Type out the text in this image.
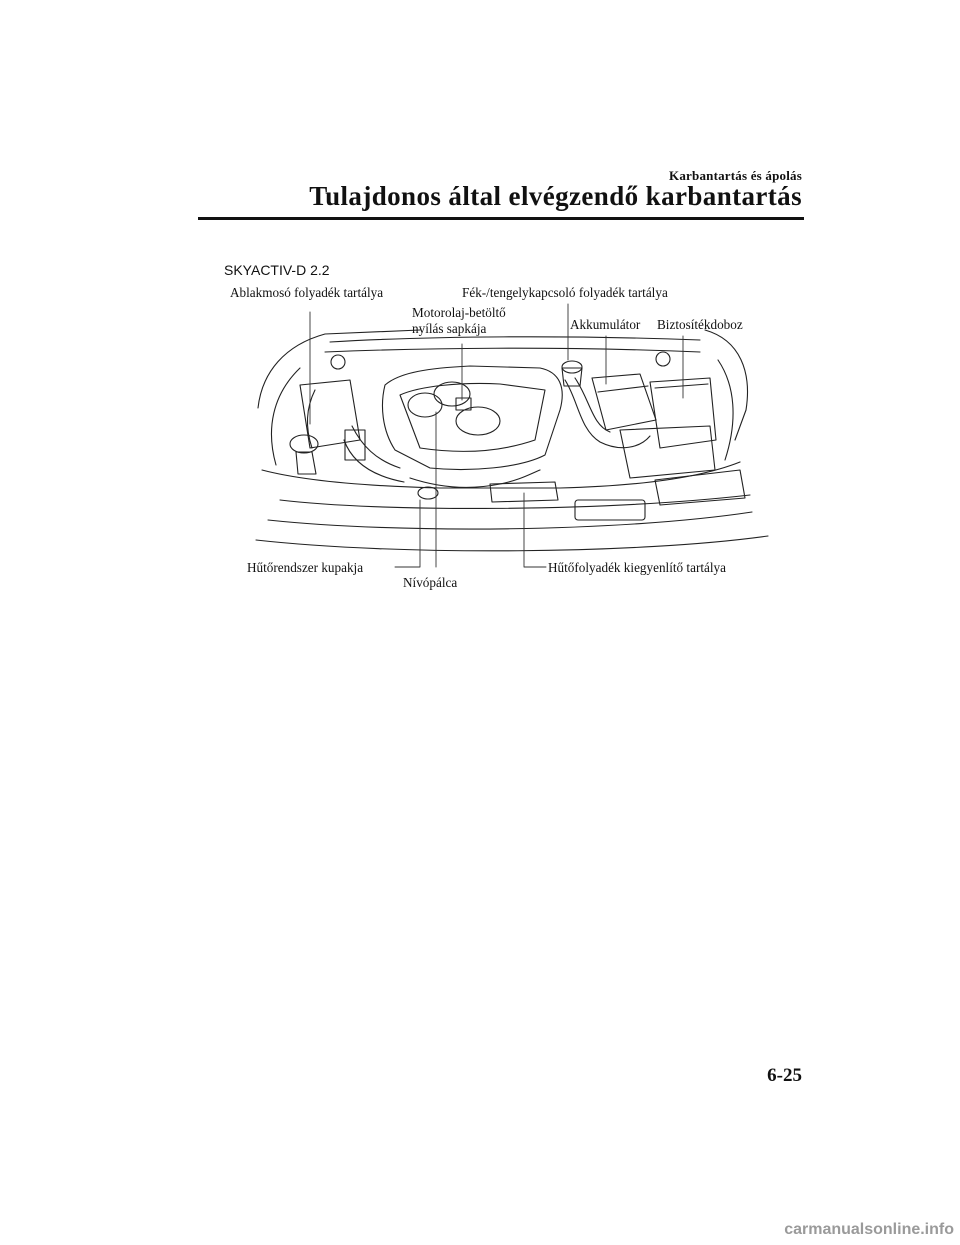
Karbantartás és ápolás
Tulajdonos által elvégzendő karbantartás
SKYACTIV-D 2.2
Ablakmosó folyadék tartálya
Motorolaj-betöltő
nyílás sapkája
Fék-/tengelykapcsoló folyadék tartálya
Akkumulátor Biztosítékdoboz
Hűtőrendszer kupakja
Nívópálca
Hűtőfolyadék kiegyenlítő tartálya
6-25
carmanualsonline.info
